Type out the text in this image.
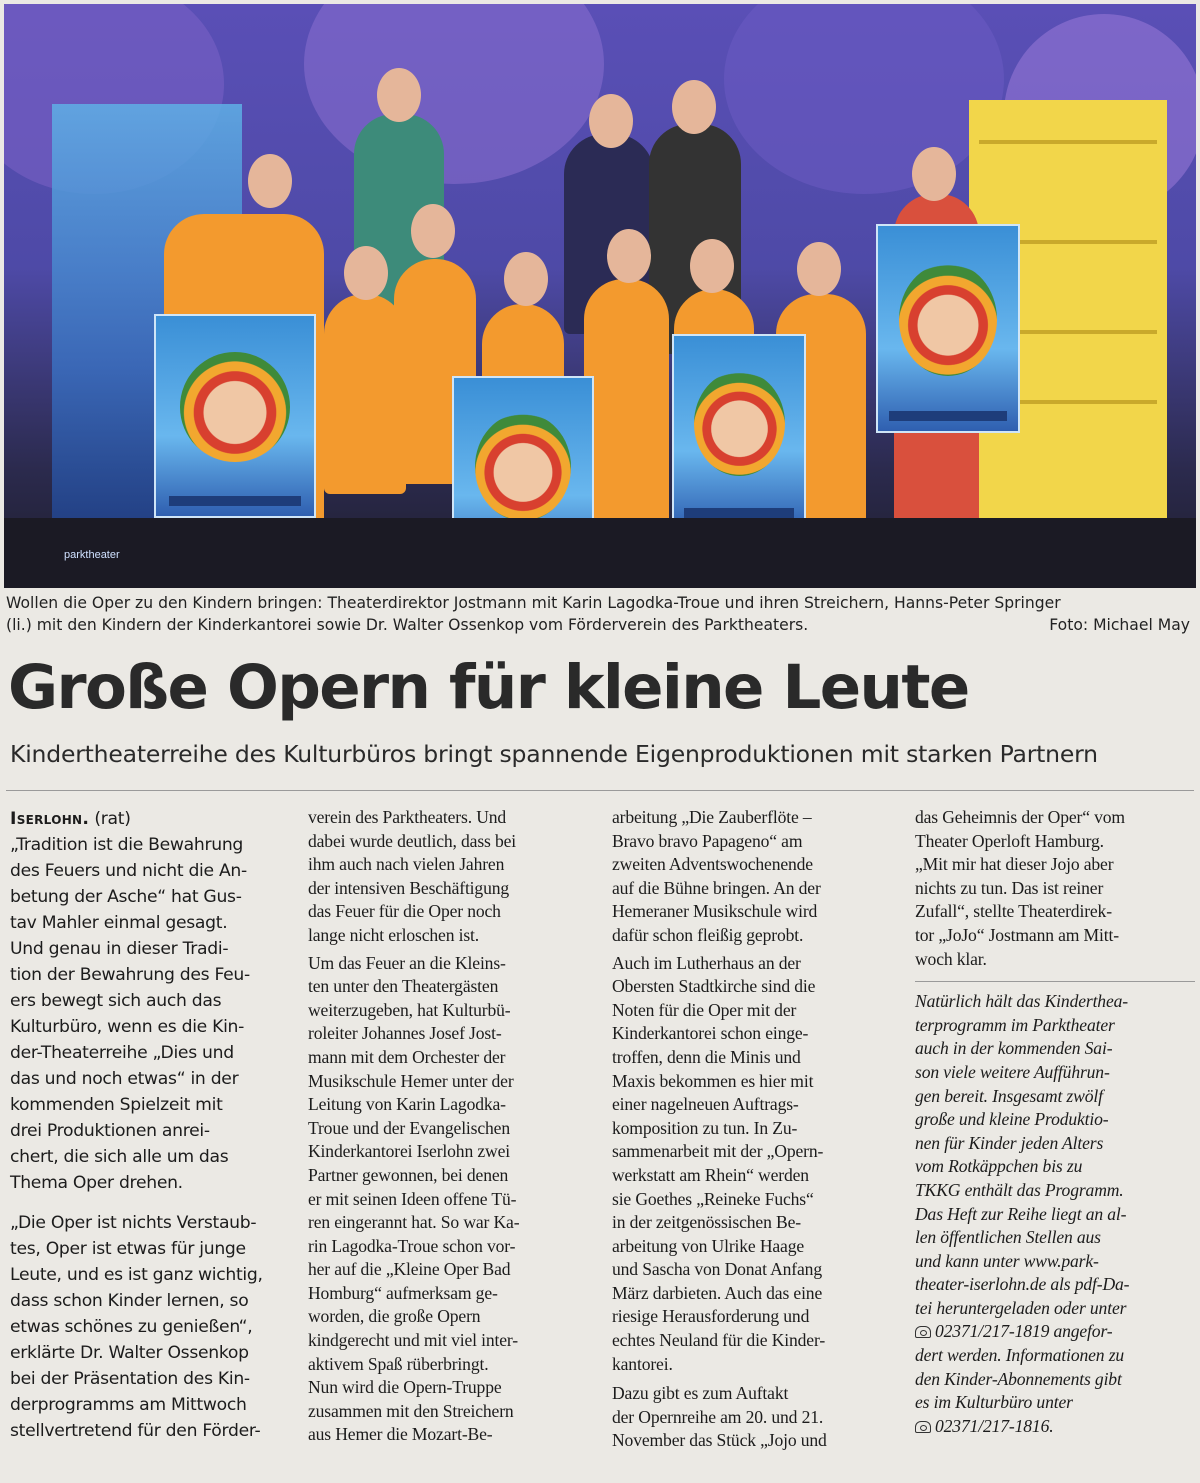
parktheater
Wollen die Oper zu den Kindern bringen: Theaterdirektor Jostmann mit Karin Lagodka-Troue und ihren Streichern, Hanns-Peter Springer
(li.) mit den Kindern der Kinderkantorei sowie Dr. Walter Ossenkop vom Förderverein des Parktheaters.	Foto: Michael May
Große Opern für kleine Leute
Kindertheaterreihe des Kulturbüros bringt spannende Eigenproduktionen mit starken Partnern
Iserlohn. (rat)
„Tradition ist die Bewahrung
des Feuers und nicht die An-
betung der Asche“ hat Gus-
tav Mahler einmal gesagt.
Und genau in dieser Tradi-
tion der Bewahrung des Feu-
ers bewegt sich auch das
Kulturbüro, wenn es die Kin-
der-Theaterreihe „Dies und
das und noch etwas“ in der
kommenden Spielzeit mit
drei Produktionen anrei-
chert, die sich alle um das
Thema Oper drehen.
„Die Oper ist nichts Verstaub-
tes, Oper ist etwas für junge
Leute, und es ist ganz wichtig,
dass schon Kinder lernen, so
etwas schönes zu genießen“,
erklärte Dr. Walter Ossenkop
bei der Präsentation des Kin-
derprogramms am Mittwoch
stellvertretend für den Förder-
verein des Parktheaters. Und
dabei wurde deutlich, dass bei
ihm auch nach vielen Jahren
der intensiven Beschäftigung
das Feuer für die Oper noch
lange nicht erloschen ist.
Um das Feuer an die Kleins-
ten unter den Theatergästen
weiterzugeben, hat Kulturbü-
roleiter Johannes Josef Jost-
mann mit dem Orchester der
Musikschule Hemer unter der
Leitung von Karin Lagodka-
Troue und der Evangelischen
Kinderkantorei Iserlohn zwei
Partner gewonnen, bei denen
er mit seinen Ideen offene Tü-
ren eingerannt hat. So war Ka-
rin Lagodka-Troue schon vor-
her auf die „Kleine Oper Bad
Homburg“ aufmerksam ge-
worden, die große Opern
kindgerecht und mit viel inter-
aktivem Spaß rüberbringt.
Nun wird die Opern-Truppe
zusammen mit den Streichern
aus Hemer die Mozart-Be-
arbeitung „Die Zauberflöte –
Bravo bravo Papageno“ am
zweiten Adventswochenende
auf die Bühne bringen. An der
Hemeraner Musikschule wird
dafür schon fleißig geprobt.
Auch im Lutherhaus an der
Obersten Stadtkirche sind die
Noten für die Oper mit der
Kinderkantorei schon einge-
troffen, denn die Minis und
Maxis bekommen es hier mit
einer nagelneuen Auftrags-
komposition zu tun. In Zu-
sammenarbeit mit der „Opern-
werkstatt am Rhein“ werden
sie Goethes „Reineke Fuchs“
in der zeitgenössischen Be-
arbeitung von Ulrike Haage
und Sascha von Donat Anfang
März darbieten. Auch das eine
riesige Herausforderung und
echtes Neuland für die Kinder-
kantorei.
Dazu gibt es zum Auftakt
der Opernreihe am 20. und 21.
November das Stück „Jojo und
das Geheimnis der Oper“ vom
Theater Operloft Hamburg.
„Mit mir hat dieser Jojo aber
nichts zu tun. Das ist reiner
Zufall“, stellte Theaterdirek-
tor „JoJo“ Jostmann am Mitt-
woch klar.
Natürlich hält das Kinderthea-
terprogramm im Parktheater
auch in der kommenden Sai-
son viele weitere Aufführun-
gen bereit. Insgesamt zwölf
große und kleine Produktio-
nen für Kinder jeden Alters
vom Rotkäppchen bis zu
TKKG enthält das Programm.
Das Heft zur Reihe liegt an al-
len öffentlichen Stellen aus
und kann unter www.park-
theater-iserlohn.de als pdf-Da-
tei heruntergeladen oder unter
02371/217-1819 angefor-
dert werden. Informationen zu
den Kinder-Abonnements gibt
es im Kulturbüro unter
02371/217-1816.
